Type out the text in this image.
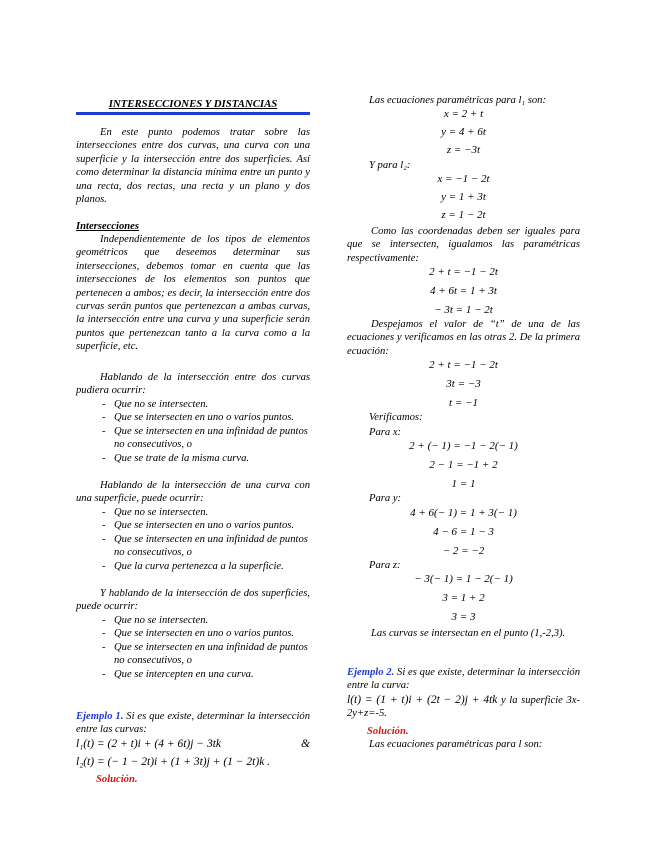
INTERSECCIONES Y DISTANCIAS
En este punto podemos tratar sobre las intersecciones entre dos curvas, una curva con una superficie y la intersección entre dos superficies. Así como determinar la distancia mínima entre un punto y una recta, dos rectas, una recta y un plano y dos planos.
Intersecciones
Independientemente de los tipos de elementos geométricos que deseemos determinar sus intersecciones, debemos tomar en cuenta que las intersecciones de los elementos son puntos que pertenecen a ambos; es decir, la intersección entre dos curvas serán puntos que pertenezcan a ambas curvas, la intersección entre una curva y una superficie serán puntos que pertenezcan tanto a la curva como a la superficie, etc.
Hablando de la intersección entre dos curvas pudiera ocurrir:
- Que no se intersecten.
- Que se intersecten en uno o varios puntos.
- Que se intersecten en una infinidad de puntos no consecutivos, o
- Que se trate de la misma curva.
Hablando de la intersección de una curva con una superficie, puede ocurrir:
- Que no se intersecten.
- Que se intersecten en uno o varios puntos.
- Que se intersecten en una infinidad de puntos no consecutivos, o
- Que la curva pertenezca a la superficie.
Y hablando de la intersección de dos superficies, puede ocurrir:
- Que no se intersecten.
- Que se intersecten en uno o varios puntos.
- Que se intersecten en una infinidad de puntos no consecutivos, o
- Que se intercepten en una curva.
Ejemplo 1. Si es que existe, determinar la intersección entre las curvas:
l₁(t) = (2 + t)i + (4 + 6t)j − 3tk	&
l₂(t) = (− 1 − 2t)i + (1 + 3t)j + (1 − 2t)k .
Solución.
Las ecuaciones paramétricas para l₁ son:
x = 2 + t
y = 4 + 6t
z = −3t
Y para l₂:
x = −1 − 2t
y = 1 + 3t
z = 1 − 2t
Como las coordenadas deben ser iguales para que se intersecten, igualamos las paramétricas respectivamente:
2 + t = −1 − 2t
4 + 6t = 1 + 3t
− 3t = 1 − 2t
Despejamos el valor de “t” de una de las ecuaciones y verificamos en las otras 2. De la primera ecuación:
2 + t = −1 − 2t
3t = −3
t = −1
Verificamos:
Para x:
2 + (− 1) = −1 − 2(− 1)
2 − 1 = −1 + 2
1 = 1
Para y:
4 + 6(− 1) = 1 + 3(− 1)
4 − 6 = 1 − 3
− 2 = −2
Para z:
− 3(− 1) = 1 − 2(− 1)
3 = 1 + 2
3 = 3
Las curvas se intersectan en el punto (1,-2,3).
Ejemplo 2. Si es que existe, determinar la intersección entre la curva:
l(t) = (1 + t)i + (2t − 2)j + 4tk y la superficie 3x-2y+z=-5.
Solución.
Las ecuaciones paramétricas para l son:
